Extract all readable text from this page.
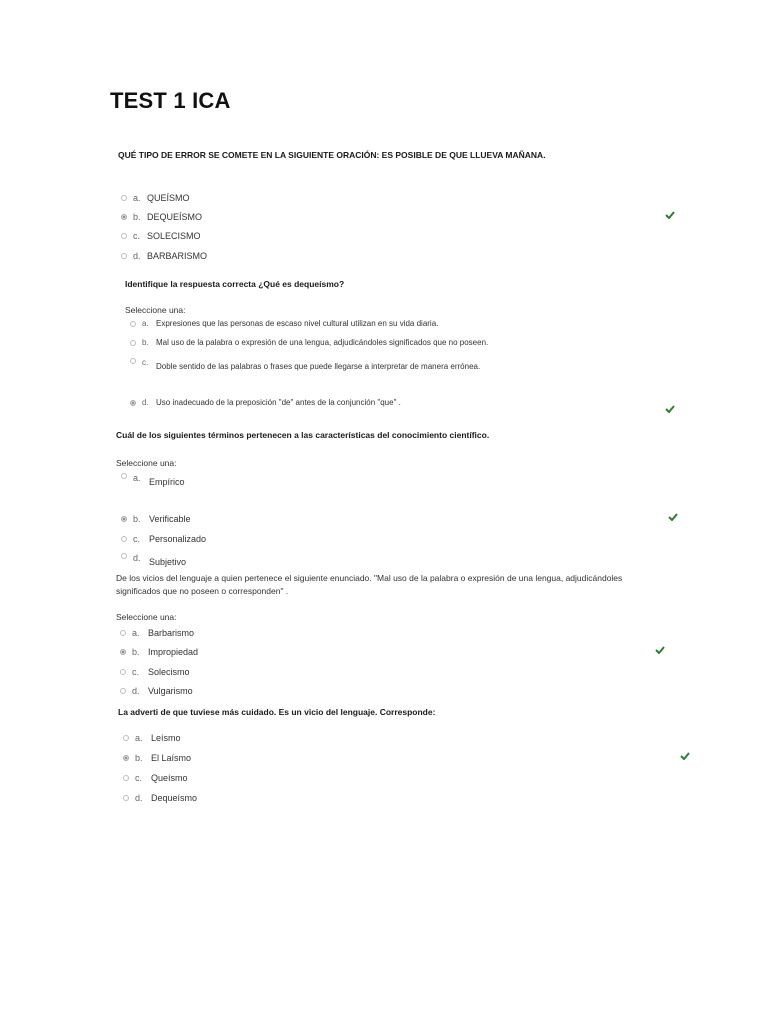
TEST 1 ICA
QUÉ TIPO DE ERROR SE COMETE EN LA SIGUIENTE ORACIÓN: ES POSIBLE DE QUE LLUEVA MAÑANA.
a. QUEÍSMO
b. DEQUEÍSMO
c. SOLECISMO
d. BARBARISMO
Identifique la respuesta correcta ¿Qué es dequeísmo?
Seleccione una:
a. Expresiones que las personas de escaso nivel cultural utilizan en su vida diaria.
b. Mal uso de la palabra o expresión de una lengua, adjudicándoles significados que no poseen.
c. Doble sentido de las palabras o frases que puede llegarse a interpretar de manera errónea.
d. Uso inadecuado de la preposición "de" antes de la conjunción "que" .
Cuál de los siguientes términos pertenecen a las características del conocimiento científico.
Seleccione una:
a. Empírico
b. Verificable
c. Personalizado
d. Subjetivo
De los vicios del lenguaje a quien pertenece el siguiente enunciado. "Mal uso de la palabra o expresión de una lengua, adjudicándoles
significados que no poseen o corresponden" .
Seleccione una:
a. Barbarismo
b. Impropiedad
c. Solecismo
d. Vulgarismo
La adverti de que tuviese más cuidado. Es un vicio del lenguaje. Corresponde:
a. Leísmo
b. El Laísmo
c. Queísmo
d. Dequeísmo
